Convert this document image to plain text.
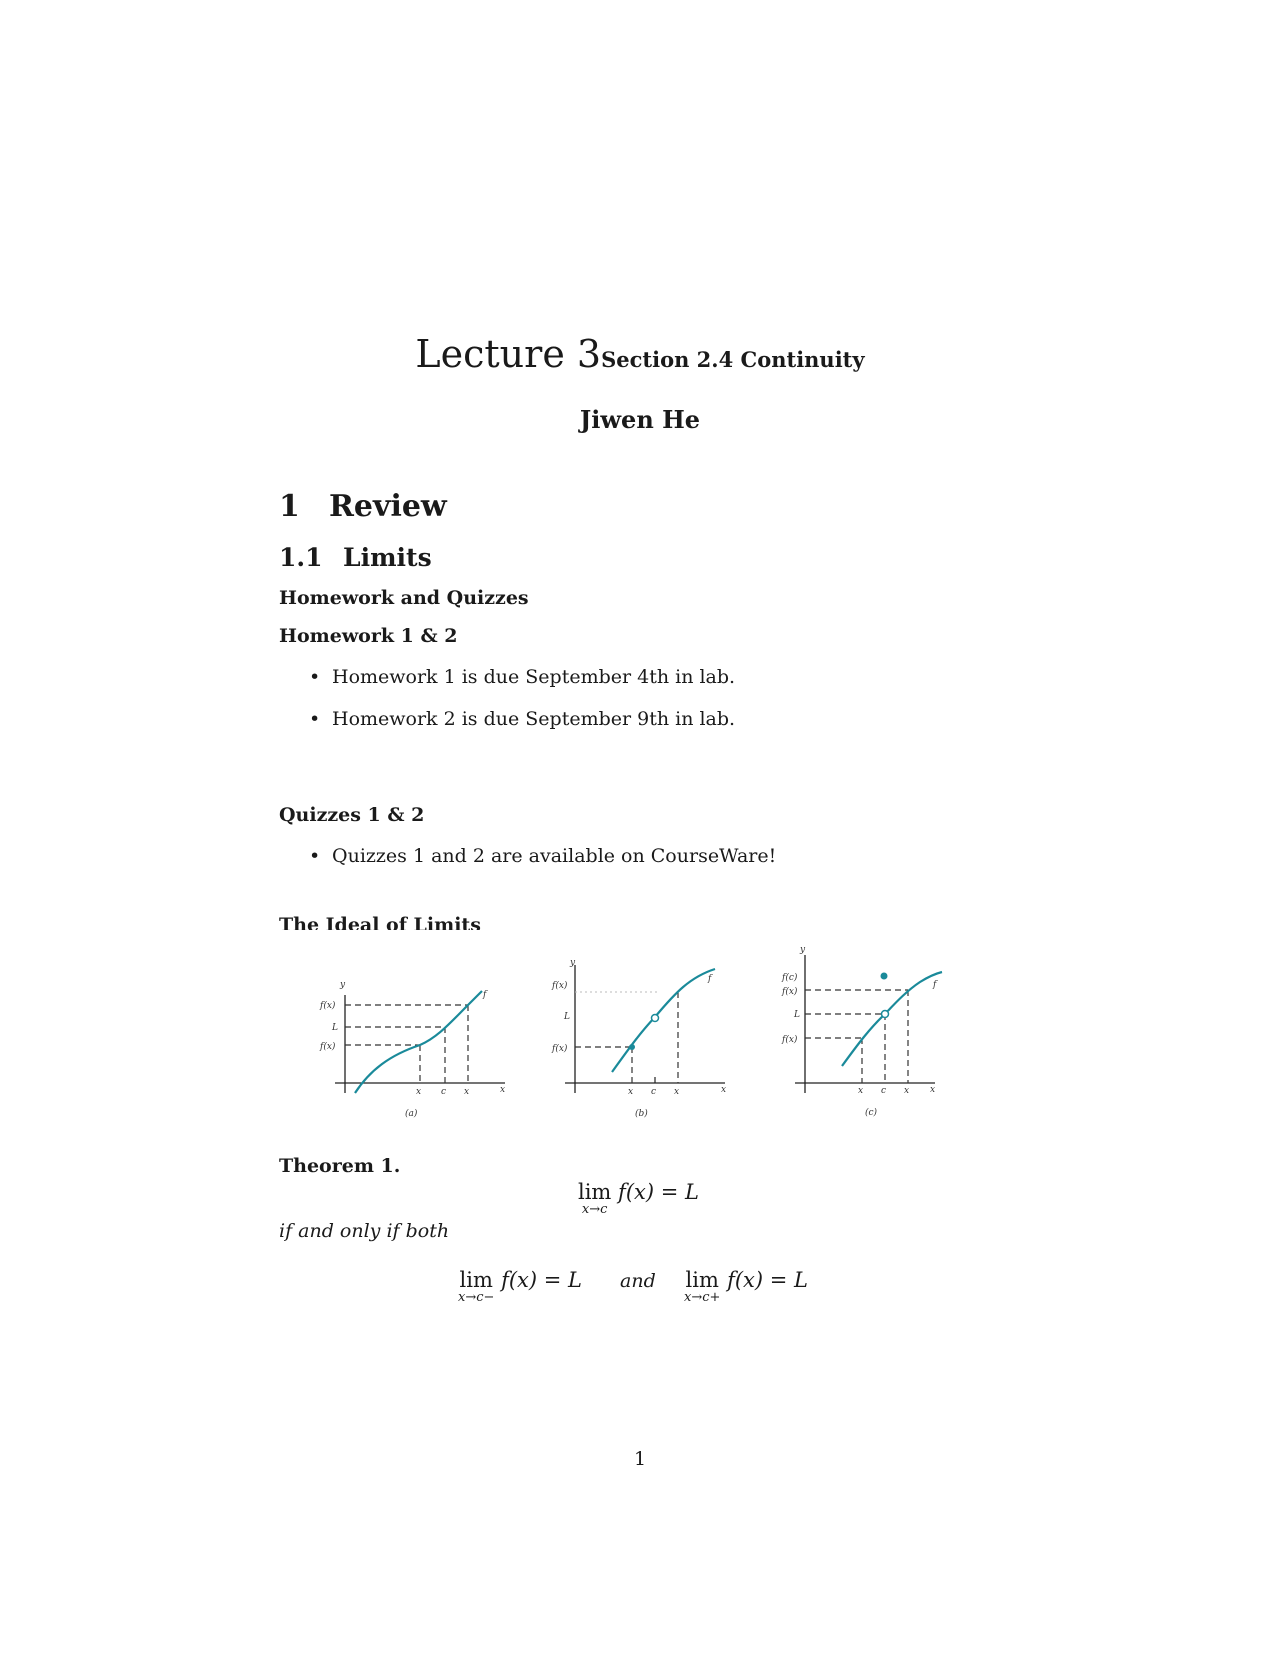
Lecture 3Section 2.4 Continuity
Jiwen He
1 Review
1.1 Limits
Homework and Quizzes
Homework 1 & 2
• Homework 1 is due September 4th in lab.
• Homework 2 is due September 9th in lab.
Quizzes 1 & 2
• Quizzes 1 and 2 are available on CourseWare!
The Ideal of Limits
y
x
f
f(x)
L
f(x)
x c x
(a)
y
x
f
f(x)
L
f(x)
x c x
(b)
y
x
f
f(c)
f(x)
L
f(x)
x c x
(c)
Theorem 1.
lim
x→c
f(x) = L
if and only if both
lim
x→c−
f(x) = L and lim
x→c+
f(x) = L
1
